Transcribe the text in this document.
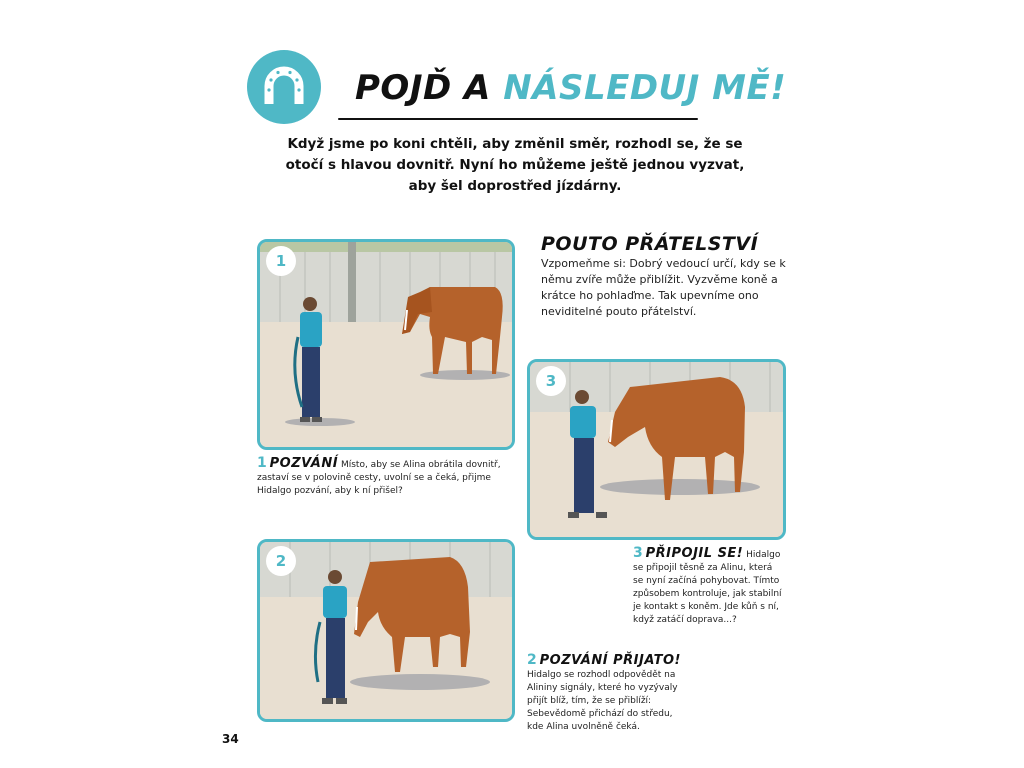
POJĎ A NÁSLEDUJ MĚ!
Když jsme po koni chtěli, aby změnil směr, rozhodl se, že se otočí s hlavou dovnitř. Nyní ho můžeme ještě jednou vyzvat, aby šel doprostřed jízdárny.
1
2
3
POUTO PŘÁTELSTVÍ
Vzpomeňme si: Dobrý vedoucí určí, kdy se k němu zvíře může přiblížit. Vyzvěme koně a krátce ho pohlaďme. Tak upevníme ono neviditelné pouto přátelství.
1 POZVÁNÍ Místo, aby se Alina obrátila dovnitř, zastaví se v polovině cesty, uvolní se a čeká, přijme Hidalgo pozvání, aby k ní přišel?
3 PŘIPOJIL SE! Hidalgo se připojil těsně za Alinu, která se nyní začíná pohybovat. Tímto způsobem kontroluje, jak stabilní je kontakt s koněm. Jde kůň s ní, když zatáčí doprava...?
2 POZVÁNÍ PŘIJATO! Hidalgo se rozhodl odpovědět na Alininy signály, které ho vyzývaly přijít blíž, tím, že se přiblíží: Sebevědomě přichází do středu, kde Alina uvolněně čeká.
34
